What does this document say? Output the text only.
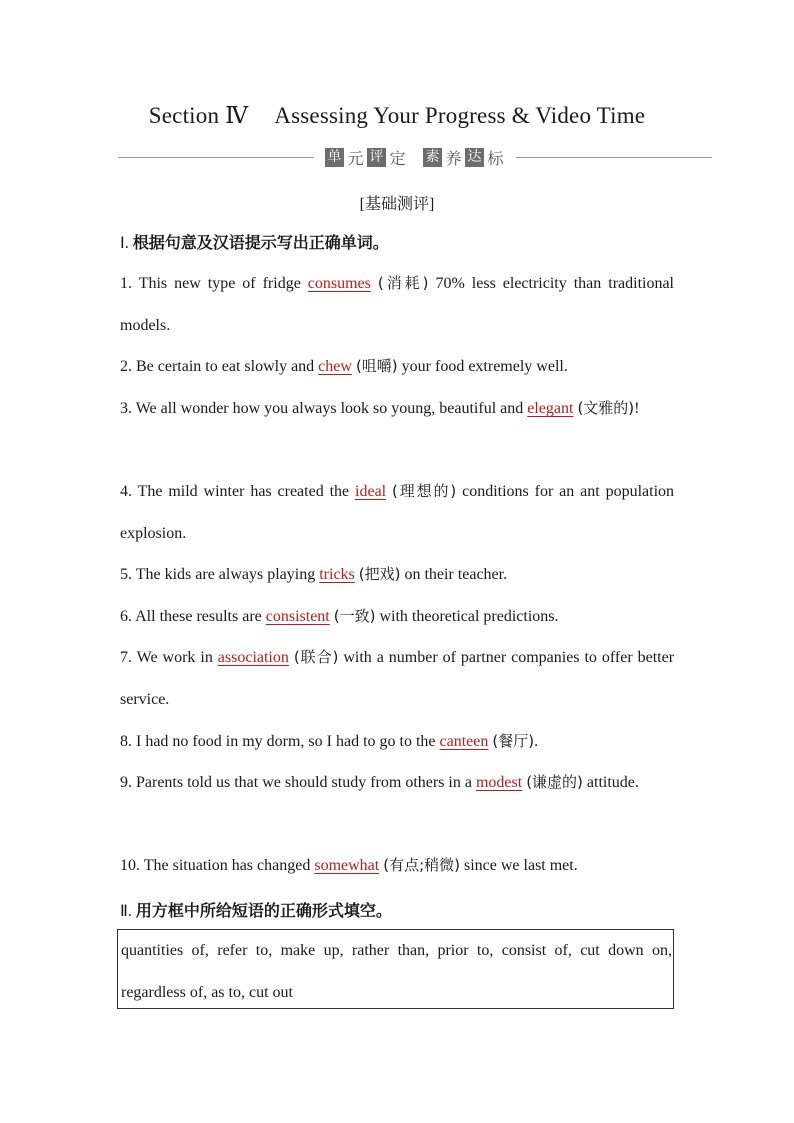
Section Ⅳ Assessing Your Progress & Video Time
单 元 评 定 素 养 达 标
[基础测评]
Ⅰ. 根据句意及汉语提示写出正确单词。
1. This new type of fridge consumes (消耗) 70% less electricity than traditional models.
2. Be certain to eat slowly and chew (咀嚼) your food extremely well.
3. We all wonder how you always look so young, beautiful and elegant (文雅的)!
4. The mild winter has created the ideal (理想的) conditions for an ant population explosion.
5. The kids are always playing tricks (把戏) on their teacher.
6. All these results are consistent (一致) with theoretical predictions.
7. We work in association (联合) with a number of partner companies to offer better service.
8. I had no food in my dorm, so I had to go to the canteen (餐厅).
9. Parents told us that we should study from others in a modest (谦虚的) attitude.
10. The situation has changed somewhat (有点;稍微) since we last met.
Ⅱ. 用方框中所给短语的正确形式填空。
quantities of, refer to, make up, rather than, prior to, consist of, cut down on, regardless of, as to, cut out
